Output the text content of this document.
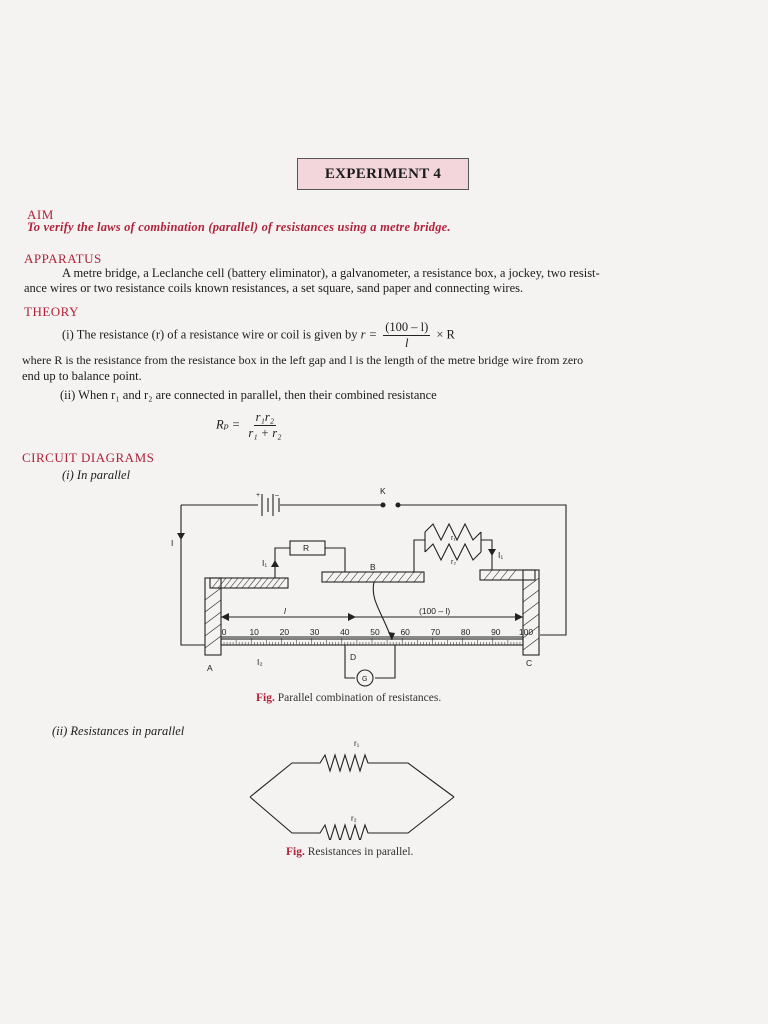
EXPERIMENT 4
AIM
To verify the laws of combination (parallel) of resistances using a metre bridge.
APPARATUS
A metre bridge, a Leclanche cell (battery eliminator), a galvanometer, a resistance box, a jockey, two resist-
ance wires or two resistance coils known resistances, a set square, sand paper and connecting wires.
THEORY
(i) The resistance (r) of a resistance wire or coil is given by $r = \frac{(100 - l)}{l} \times R$
where R is the resistance from the resistance box in the left gap and l is the length of the metre bridge wire from zero
end up to balance point.
(ii) When r₁ and r₂ are connected in parallel, then their combined resistance
$R_p = \frac{\text{r₁r₂}}{\text{r₁ + r₂}}$
CIRCUIT DIAGRAMS
(i) In parallel
K
+ –
I
I₁
I₁
R
B
r₁
r₂
l	(100 – l)
A	C
I₂	D
G
0	10 20 30 40 50 60 70 80 90 100
Fig. Parallel combination of resistances.
(ii) Resistances in parallel
r₁
r₂
Fig. Resistances in parallel.
